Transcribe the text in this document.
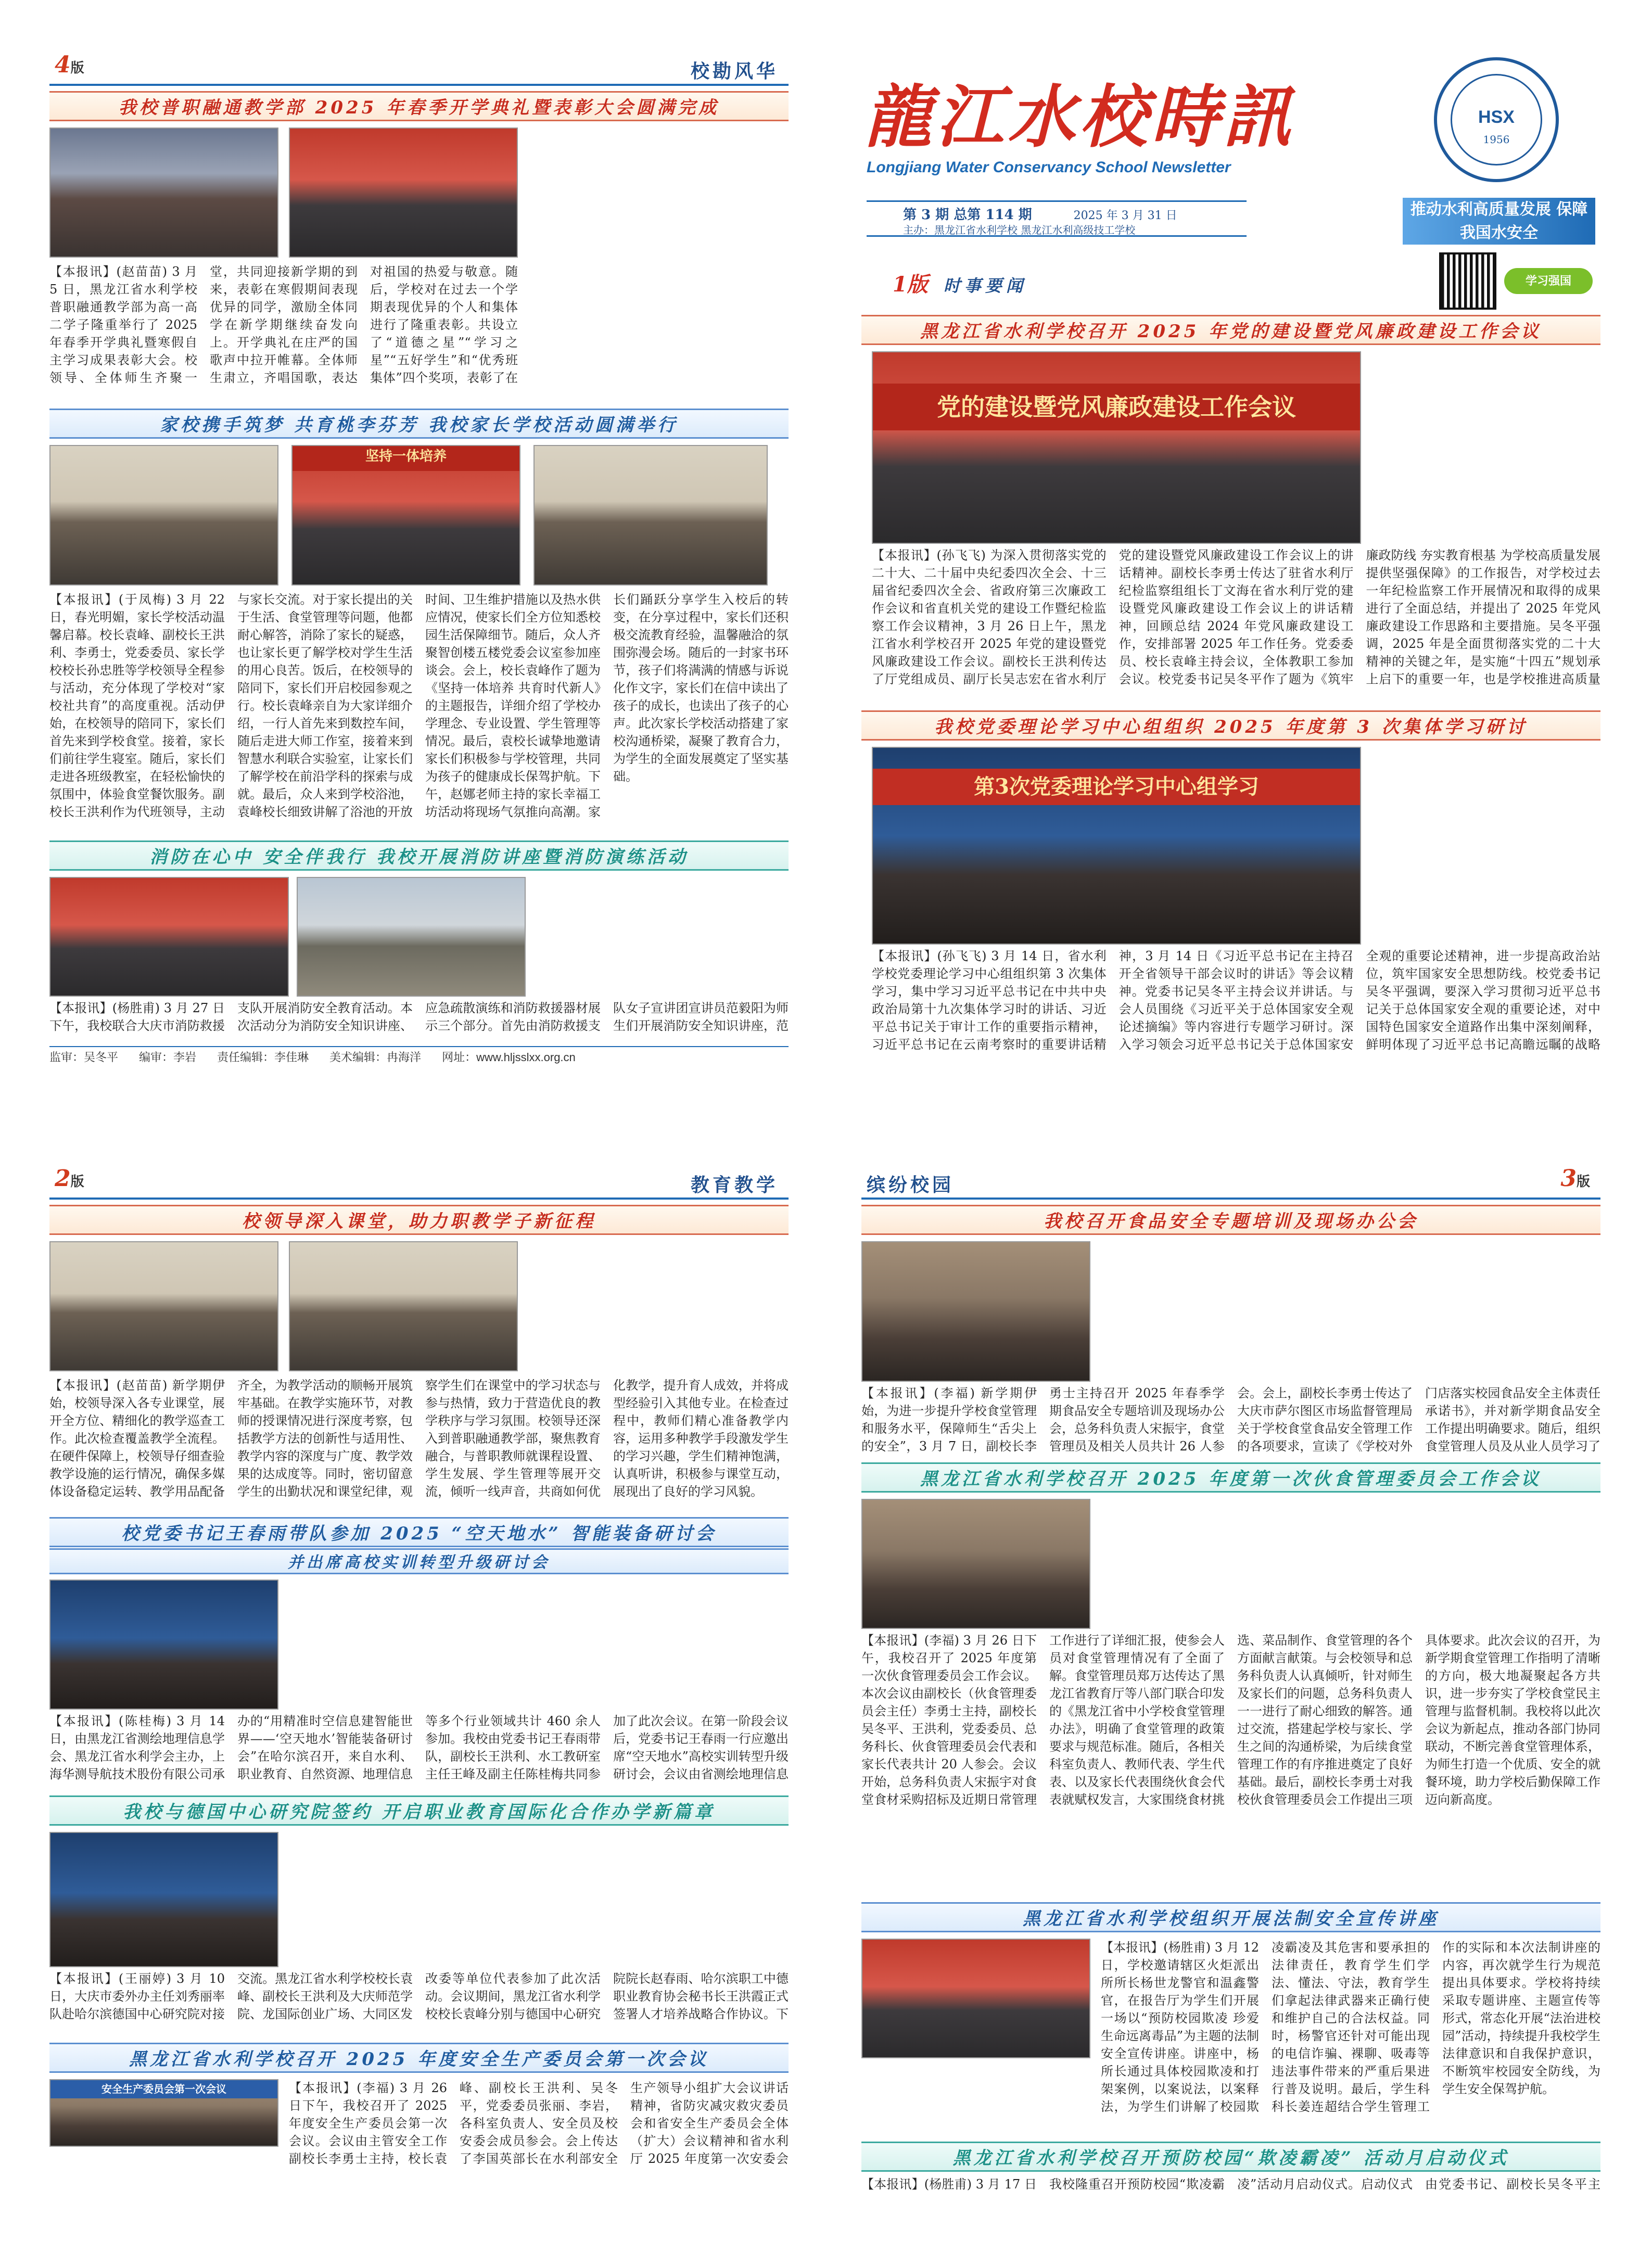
4版	校勘风华
我校普职融通教学部 2025 年春季开学典礼暨表彰大会圆满完成
【本报讯】(赵苗苗) 3 月 5 日，黑龙江省水利学校普职融通教学部为高一高二学子隆重举行了 2025 年春季开学典礼暨寒假自主学习成果表彰大会。校领导、全体师生齐聚一堂，共同迎接新学期的到来，表彰在寒假期间表现优异的同学，激励全体同学在新学期继续奋发向上。开学典礼在庄严的国歌声中拉开帷幕。全体师生肃立，齐唱国歌，表达对祖国的热爱与敬意。随后，学校对在过去一个学期表现优异的个人和集体进行了隆重表彰。共设立了“道德之星”“学习之星”“五好学生”和“优秀班集体”四个奖项，表彰了在
家校携手筑梦 共育桃李芬芳 我校家长学校活动圆满举行
坚持一体培养
【本报讯】(于凤梅) 3 月 22 日，春光明媚，家长学校活动温馨启幕。校长袁峰、副校长王洪利、李勇士，党委委员、家长学校校长孙忠胜等学校领导全程参与活动，充分体现了学校对“家校社共育”的高度重视。活动伊始，在校领导的陪同下，家长们首先来到学校食堂。接着，家长们前往学生寝室。随后，家长们走进各班级教室，在轻松愉快的氛围中，体验食堂餐饮服务。副校长王洪利作为代班领导，主动与家长交流。对于家长提出的关于生活、食堂管理等问题，他都耐心解答，消除了家长的疑惑，也让家长更了解学校对学生生活的用心良苦。饭后，在校领导的陪同下，家长们开启校园参观之行。校长袁峰亲自为大家详细介绍，一行人首先来到数控车间，随后走进大师工作室，接着来到智慧水利联合实验室，让家长们了解学校在前沿学科的探索与成就。最后，众人来到学校浴池，袁峰校长细致讲解了浴池的开放时间、卫生维护措施以及热水供应情况，使家长们全方位知悉校园生活保障细节。随后，众人齐聚智创楼五楼党委会议室参加座谈会。会上，校长袁峰作了题为《坚持一体培养 共育时代新人》的主题报告，详细介绍了学校办学理念、专业设置、学生管理等情况。最后，袁校长诚挚地邀请家长们积极参与学校管理，共同为孩子的健康成长保驾护航。下午，赵娜老师主持的家长幸福工坊活动将现场气氛推向高潮。家长们踊跃分享学生入校后的转变，在分享过程中，家长们还积极交流教育经验，温馨融洽的氛围弥漫会场。随后的一封家书环节，孩子们将满满的情感与诉说化作文字，家长们在信中读出了孩子的成长，也读出了孩子的心声。此次家长学校活动搭建了家校沟通桥梁，凝聚了教育合力，为学生的全面发展奠定了坚实基础。
消防在心中 安全伴我行 我校开展消防讲座暨消防演练活动
【本报讯】(杨胜甫) 3 月 27 日下午，我校联合大庆市消防救援支队开展消防安全教育活动。本次活动分为消防安全知识讲座、应急疏散演练和消防救援器材展示三个部分。首先由消防救援支队女子宣讲团宣讲员范毅阳为师生们开展消防安全知识讲座，范
监审：吴冬平 编审：李岩 责任编辑：李佳琳 美术编辑：冉海洋 网址：www.hljsslxx.org.cn
龍江水校時訊
Longjiang Water Conservancy School Newsletter
HSX
1956
第 3 期 总第 114 期	2025 年 3 月 31 日
主办：黑龙江省水利学校 黑龙江水利高级技工学校
推动水利高质量发展 保障我国水安全
学习强国
1版 时事要闻
黑龙江省水利学校召开 2025 年党的建设暨党风廉政建设工作会议
党的建设暨党风廉政建设工作会议
【本报讯】(孙飞飞) 为深入贯彻落实党的二十大、二十届中央纪委四次全会、十三届省纪委四次全会、省政府第三次廉政工作会议和省直机关党的建设工作暨纪检监察工作会议精神，3 月 26 日上午，黑龙江省水利学校召开 2025 年党的建设暨党风廉政建设工作会议。副校长王洪利传达了厅党组成员、副厅长吴志宏在省水利厅党的建设暨党风廉政建设工作会议上的讲话精神。副校长李勇士传达了驻省水利厅纪检监察组组长丁文海在省水利厅党的建设暨党风廉政建设工作会议上的讲话精神，回顾总结 2024 年党风廉政建设工作，安排部署 2025 年工作任务。党委委员、校长袁峰主持会议，全体教职工参加会议。校党委书记吴冬平作了题为《筑牢廉政防线 夯实教育根基 为学校高质量发展提供坚强保障》的工作报告，对学校过去一年纪检监察工作开展情况和取得的成果进行了全面总结，并提出了 2025 年党风廉政建设工作思路和主要措施。吴冬平强调，2025 年是全面贯彻落实党的二十大精神的关键之年，是实施“十四五”规划承上启下的重要一年，也是学校推进高质量
我校党委理论学习中心组组织 2025 年度第 3 次集体学习研讨
第3次党委理论学习中心组学习
【本报讯】(孙飞飞) 3 月 14 日，省水利学校党委理论学习中心组组织第 3 次集体学习，集中学习习近平总书记在中共中央政治局第十九次集体学习时的讲话、习近平总书记关于审计工作的重要指示精神，习近平总书记在云南考察时的重要讲话精神，3 月 14 日《习近平总书记在主持召开全省领导干部会议时的讲话》等会议精神。党委书记吴冬平主持会议并讲话。与会人员围绕《习近平关于总体国家安全观论述摘编》等内容进行专题学习研讨。深入学习领会习近平总书记关于总体国家安全观的重要论述精神，进一步提高政治站位，筑牢国家安全思想防线。校党委书记吴冬平强调，要深入学习贯彻习近平总书记关于总体国家安全观的重要论述，对中国特色国家安全道路作出集中深刻阐释，鲜明体现了习近平总书记高瞻远瞩的战略
2版	教育教学
校领导深入课堂，助力职教学子新征程
【本报讯】(赵苗苗) 新学期伊始，校领导深入各专业课堂，展开全方位、精细化的教学巡查工作。此次检查覆盖教学全流程。在硬件保障上，校领导仔细查验教学设施的运行情况，确保多媒体设备稳定运转、教学用品配备齐全，为教学活动的顺畅开展筑牢基础。在教学实施环节，对教师的授课情况进行深度考察，包括教学方法的创新性与适用性、教学内容的深度与广度、教学效果的达成度等。同时，密切留意学生的出勤状况和课堂纪律，观察学生们在课堂中的学习状态与参与热情，致力于营造优良的教学秩序与学习氛围。校领导还深入到普职融通教学部，聚焦教育融合，与普职教师就课程设置、学生发展、学生管理等展开交流，倾听一线声音，共商如何优化教学，提升育人成效，并将成型经验引入其他专业。在检查过程中，教师们精心准备教学内容，运用多种教学手段激发学生的学习兴趣，学生们精神饱满，认真听讲，积极参与课堂互动，展现出了良好的学习风貌。
校党委书记王春雨带队参加 2025 “空天地水” 智能装备研讨会
并出席高校实训转型升级研讨会
【本报讯】(陈桂梅) 3 月 14 日，由黑龙江省测绘地理信息学会、黑龙江省水利学会主办，上海华测导航技术股份有限公司承办的“用精准时空信息建智能世界——‘空天地水’智能装备研讨会”在哈尔滨召开，来自水利、职业教育、自然资源、地理信息等多个行业领域共计 460 余人参加。我校由党委书记王春雨带队，副校长王洪利、水工教研室主任王峰及副主任陈桂梅共同参加了此次会议。在第一阶段会议后，党委书记王春雨一行应邀出席“空天地水”高校实训转型升级研讨会，会议由省测绘地理信息
我校与德国中心研究院签约 开启职业教育国际化合作办学新篇章
【本报讯】(王丽婷) 3 月 10 日，大庆市委外办主任刘秀丽率队赴哈尔滨德国中心研究院对接交流。黑龙江省水利学校校长袁峰、副校长王洪利及大庆师范学院、龙国际创业广场、大同区发改委等单位代表参加了此次活动。会议期间，黑龙江省水利学校校长袁峰分别与德国中心研究院院长赵春雨、哈尔滨职工中德职业教育协会秘书长王洪霞正式签署人才培养战略合作协议。下
黑龙江省水利学校召开 2025 年度安全生产委员会第一次会议
安全生产委员会第一次会议	【本报讯】(李福) 3 月 26 日下午，我校召开了 2025 年度安全生产委员会第一次会议。会议由主管安全工作副校长李勇士主持，校长袁峰、副校长王洪利、吴冬平，党委委员张丽、李岩，各科室负责人、安全员及校安委会成员参会。会上传达了李国英部长在水利部安全生产领导小组扩大会议讲话精神，省防灾减灾救灾委员会和省安全生产委员会全体（扩大）会议精神和省水利厅 2025 年度第一次安委会
缤纷校园	3版
我校召开食品安全专题培训及现场办公会
【本报讯】(李福) 新学期伊始，为进一步提升学校食堂管理和服务水平，保障师生“舌尖上的安全”，3 月 7 日，副校长李勇士主持召开 2025 年春季学期食品安全专题培训及现场办公会，总务科负责人宋振宇，食堂管理员及相关人员共计 26 人参会。会上，副校长李勇士传达了大庆市萨尔图区市场监督管理局关于学校食堂食品安全管理工作的各项要求，宣读了《学校对外门店落实校园食品安全主体责任承诺书》，并对新学期食品安全工作提出明确要求。随后，组织食堂管理人员及从业人员学习了
黑龙江省水利学校召开 2025 年度第一次伙食管理委员会工作会议
【本报讯】(李福) 3 月 26 日下午，我校召开了 2025 年度第一次伙食管理委员会工作会议。本次会议由副校长（伙食管理委员会主任）李勇士主持，副校长吴冬平、王洪利，党委委员、总务科长、伙食管理委员会代表和家长代表共计 20 人参会。会议开始，总务科负责人宋振宇对食堂食材采购招标及近期日常管理工作进行了详细汇报，使参会人员对食堂管理情况有了全面了解。食堂管理员郑万达传达了黑龙江省教育厅等八部门联合印发的《黑龙江省中小学校食堂管理办法》，明确了食堂管理的政策要求与规范标准。随后，各相关科室负责人、教师代表、学生代表、以及家长代表围绕伙食会代表就赋权发言，大家围绕食材挑选、菜品制作、食堂管理的各个方面献言献策。与会校领导和总务科负责人认真倾听，针对师生及家长们的问题，总务科负责人一一进行了耐心细致的解答。通过交流，搭建起学校与家长、学生之间的沟通桥梁，为后续食堂管理工作的有序推进奠定了良好基础。最后，副校长李勇士对我校伙食管理委员会工作提出三项具体要求。此次会议的召开，为新学期食堂管理工作指明了清晰的方向，极大地凝聚起各方共识，进一步夯实了学校食堂民主管理与监督机制。我校将以此次会议为新起点，推动各部门协同联动，不断完善食堂管理体系，为师生打造一个优质、安全的就餐环境，助力学校后勤保障工作迈向新高度。
黑龙江省水利学校组织开展法制安全宣传讲座
【本报讯】(杨胜甫) 3 月 12 日，学校邀请辖区火炬派出所所长杨世龙警官和温鑫警官，在报告厅为学生们开展一场以“预防校园欺凌 珍爱生命远离毒品”为主题的法制安全宣传讲座。讲座中，杨所长通过具体校园欺凌和打架案例，以案说法，以案释法，为学生们讲解了校园欺凌霸凌及其危害和要承担的法律责任，教育学生们学法、懂法、守法，教育学生们拿起法律武器来正确行使和维护自己的合法权益。同时，杨警官还针对可能出现的电信诈骗、裸聊、吸毒等违法事件带来的严重后果进行普及说明。最后，学生科科长姜连超结合学生管理工作的实际和本次法制讲座的内容，再次就学生行为规范提出具体要求。学校将持续采取专题讲座、主题宣传等形式，常态化开展“法治进校园”活动，持续提升我校学生法律意识和自我保护意识，不断筑牢校园安全防线，为学生安全保驾护航。
黑龙江省水利学校召开预防校园“欺凌霸凌” 活动月启动仪式
【本报讯】(杨胜甫) 3 月 17 日我校隆重召开预防校园“欺凌霸凌”活动月启动仪式。启动仪式由党委书记、副校长吴冬平主
